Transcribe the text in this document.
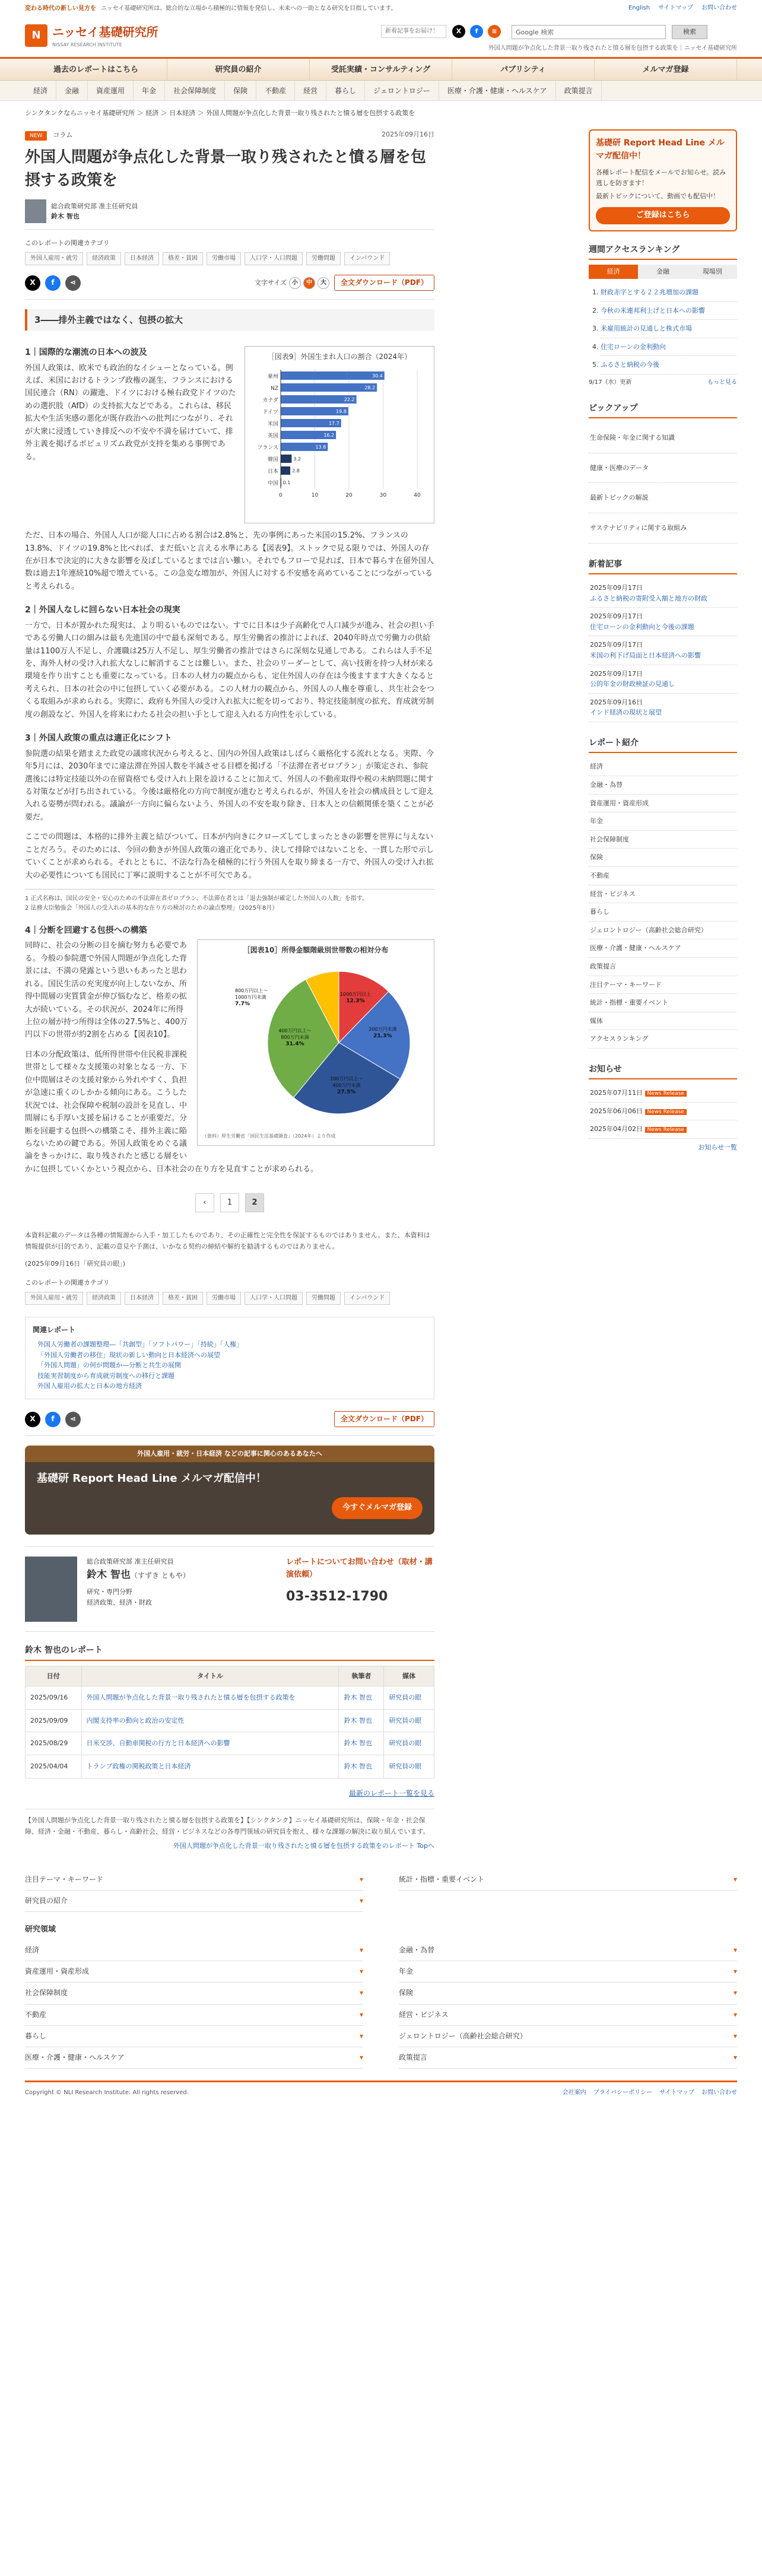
変わる時代の新しい見方を ニッセイ基礎研究所は、総合的な立場から積極的に情報を発信し、未来への一助となる研究を目指しています。	English サイトマップ お問い合わせ
N ニッセイ基礎研究所
NISSAY RESEARCH INSTITUTE
新着記事をお届け！	X	f	≋	Google 検索	検索
外国人問題が争点化した背景一取り残されたと憤る層を包摂する政策を｜ニッセイ基礎研究所
過去のレポートはこちら	研究員の紹介	受託実績・コンサルティング	パブリシティ	メルマガ登録
経済	金融	資産運用	年金	社会保障制度	保険	不動産	経営	暮らし	ジェロントロジー	医療・介護・健康・ヘルスケア	政策提言
シンクタンクならニッセイ基礎研究所 ＞ 経済 ＞ 日本経済 ＞ 外国人問題が争点化した背景一取り残されたと憤る層を包摂する政策を
NEW コラム	2025年09月16日
外国人問題が争点化した背景一取り残されたと憤る層を包摂する政策を
総合政策研究部 准主任研究員
鈴木 智也
このレポートの関連カテゴリ
外国人雇用・就労	経済政策	日本経済	格差・貧困	労働市場	人口学・人口問題	労働問題	インバウンド
X	f	⋖	文字サイズ 小	中	大	全文ダウンロード（PDF）
3――排外主義ではなく、包摂の拡大
［図表9］外国生まれ人口の割合（2024年）
0	10	20	30	40
豪州	30.4
NZ	28.2
カナダ	22.2
ドイツ	19.8
米国	17.7
英国	16.2
フランス	13.8
韓国	3.2
日本	2.8
中国 0.1
1｜国際的な潮流の日本への波及

外国人政策は、欧米でも政治的なイシューとなっている。例えば、米国におけるトランプ政権の誕生、フランスにおける国民連合（RN）の躍進、ドイツにおける極右政党ドイツのための選択肢（AfD）の支持拡大などである。これらは、移民拡大や生活実感の悪化が既存政治への批判につながり、それが大衆に浸透していき排反への不安や不満を届けていて、排外主義を掲げるポピュリズム政党が支持を集める事例である。

ただ、日本の場合、外国人人口が総人口に占める割合は2.8%と、先の事例にあった米国の15.2%、フランスの13.8%、ドイツの19.8%と比べれば、まだ低いと言える水準にある【図表9】。ストックで見る限りでは、外国人の存在が日本で決定的に大きな影響を及ぼしているとまでは言い難い。それでもフローで見れば、日本で暮らす在留外国人数は過去1年連続10%超で増えている。この急変な増加が、外国人に対する不安感を高めていることにつながっていると考えられる。

2｜外国人なしに回らない日本社会の現実

一方で、日本が置かれた現実は、より明るいものではない。すでに日本は少子高齢化で人口減少が進み、社会の担い手である労働人口の細みは最も先進国の中で最も深刻である。厚生労働省の推計によれば、2040年時点で労働力の供給量は1100万人不足し、介護職は25万人不足し、厚生労働省の推計ではさらに深刻な見通しである。これらは人手不足を、海外人材の受け入れ拡大なしに解消することは難しい。また、社会のリーダーとして、高い技術を持つ人材が来る環境を作り出すことも重要になっている。日本の人材力の観点からも、定住外国人の存在は今後ますます大きくなると考えられ、日本の社会の中に包摂していく必要がある。この人材力の観点から、外国人の人権を尊重し、共生社会をつくる取組みが求められる。実際に、政府も外国人の受け入れ拡大に舵を切っており、特定技能制度の拡充、育成就労制度の創設など、外国人を将来にわたる社会の担い手として迎え入れる方向性を示している。

3｜外国人政策の重点は適正化にシフト

参院選の結果を踏まえた政党の議席状況から考えると、国内の外国人政策はしばらく厳格化する流れとなる。実際、今年5月には、2030年までに違法滞在外国人数を半減させる目標を掲げる「不法滞在者ゼロプラン」が策定され、参院選後には特定技能以外の在留資格でも受け入れ上限を設けることに加えて、外国人の不動産取得や税の未納問題に関する対策などが打ち出されている。今後は厳格化の方向で制度が進むと考えられるが、外国人を社会の構成員として迎え入れる姿勢が問われる。議論が一方向に偏らないよう、外国人の不安を取り除き、日本人との信頼関係を築くことが必要だ。

ここでの問題は、本格的に排外主義と結びついて、日本が内向きにクローズしてしまったときの影響を世界に与えないことだろう。そのためには、今回の動きが外国人政策の適正化であり、決して排除ではないことを、一貫した形で示していくことが求められる。それとともに、不法な行為を積極的に行う外国人を取り締まる一方で、外国人の受け入れ拡大の必要性についても国民に丁寧に説明することが不可欠である。

1 正式名称は、国民の安全・安心のための不法滞在者ゼロプラン。不法滞在者とは「退去強制が確定した外国人の人数」を指す。
2 法務大臣勉強会「外国人の受入れの基本的な在り方の検討のための論点整理」（2025年8月）
4｜分断を回避する包摂への構築
［図表10］所得金額階級別世帯数の相対分布
1000万円以上
12.3%
200万円未満
21.3%
200万円以上～
400万円未満
27.5%
400万円以上～
800万円未満
31.4%
800万円以上～
1000万円未満
7.7%
（資料）厚生労働省「国民生活基礎調査」（2024年）より作成

同時に、社会の分断の目を摘む努力も必要である。今般の参院選で外国人問題が争点化した背景には、不満の発露という思いもあったと思われる。国民生活の充実度が向上しないなか、所得中間層の実質賃金が伸び悩むなど、格差の拡大が続いている。その状況が、2024年に所得上位の層が持つ所得は全体の27.5%と、400万円以下の世帯が約2割を占める【図表10】。

日本の分配政策は、低所得世帯や住民税非課税世帯として様々な支援策の対象となる一方、下位中間層はその支援対象から外れやすく、負担が急速に重くのしかかる傾向にある。こうした状況では、社会保障や税制の設計を見直し、中間層にも手厚い支援を届けることが重要だ。分断を回避する包摂への構築こそ、排外主義に陥らないための鍵である。外国人政策をめぐる議論をきっかけに、取り残されたと感じる層をいかに包摂していくかという視点から、日本社会の在り方を見直すことが求められる。

‹	1	2

本資料記載のデータは各種の情報源から入手・加工したものであり、その正確性と完全性を保証するものではありません。また、本資料は情報提供が目的であり、記載の意見や予測は、いかなる契約の締結や解約を勧誘するものではありません。

(2025年09月16日「研究員の眼」)

このレポートの関連カテゴリ
外国人雇用・就労	経済政策	日本経済	格差・貧困	労働市場	人口学・人口問題	労働問題	インバウンド
関連レポート
外国人労働者の課題整理―「共創型」「ソフトパワー」「持続」「人権」
「外国人労働者の移住」現状の新しい動向と日本経済への展望
「外国人問題」の何が問題か―分断と共生の展開
技能実習制度から育成就労制度への移行と課題
外国人雇用の拡大と日本の地方経済
X	f	⋖	全文ダウンロード（PDF）
外国人雇用・就労・日本経済 などの記事に関心のあるあなたへ
基礎研 Report Head Line メルマガ配信中！
今すぐメルマガ登録
総合政策研究部 准主任研究員
鈴木 智也（すずき ともや）
研究・専門分野
経済政策、経済・財政
レポートについてお問い合わせ（取材・講演依頼）
03-3512-1790
鈴木 智也のレポート
日付	タイトル	執筆者	媒体
2025/09/16	外国人問題が争点化した背景一取り残されたと憤る層を包摂する政策を	鈴木 智也	研究員の眼
2025/09/09	内閣支持率の動向と政治の安定性	鈴木 智也	研究員の眼
2025/08/29	日米交渉、自動車関税の行方と日本経済への影響	鈴木 智也	研究員の眼
2025/04/04	トランプ政権の関税政策と日本経済	鈴木 智也	研究員の眼
最新のレポート一覧を見る

【外国人問題が争点化した背景一取り残されたと憤る層を包摂する政策を】【シンクタンク】ニッセイ基礎研究所は、保険・年金・社会保障、経済・金融・不動産、暮らし・高齢社会、経営・ビジネスなどの各専門領域の研究員を抱え、様々な課題の解決に取り組んでいます。

外国人問題が争点化した背景一取り残されたと憤る層を包摂する政策をのレポート Topへ
基礎研 Report Head Line メルマガ配信中！
各種レポート配信をメールでお知らせ。読み逃しを防ぎます！
最新トピックについて、動画でも配信中！
ご登録はこちら
週間アクセスランキング
経済	金融	現場別
1. 財政赤字とする２２兆増加の課題
2. 今秋の米連邦利上げと日本への影響
3. 米雇用統計の見通しと株式市場
4. 住宅ローンの金利動向
5. ふるさと納税の今後
9/17（水）更新	もっと見る
ピックアップ
生命保険・年金に関する知識
健康・医療のデータ
最新トピックの解説
サステナビリティに関する取組み
新着記事
2025年09月17日
ふるさと納税の寄附受入額と地方の財政
2025年09月17日
住宅ローンの金利動向と今後の課題
2025年09月17日
米国の利下げ局面と日本経済への影響
2025年09月17日
公的年金の財政検証の見通し
2025年09月16日
インド経済の現状と展望
レポート紹介
経済
金融・為替
資産運用・資産形成
年金
社会保障制度
保険
不動産
経営・ビジネス
暮らし
ジェロントロジー（高齢社会総合研究）
医療・介護・健康・ヘルスケア
政策提言
注目テーマ・キーワード
統計・指標・重要イベント
媒体
アクセスランキング
お知らせ
2025年07月11日 News Release
2025年06月06日 News Release
2025年04月02日 News Release
お知らせ一覧
注目テーマ・キーワード	▾	統計・指標・重要イベント	▾
研究員の紹介	▾
研究領域
経済	▾	金融・為替	▾
資産運用・資産形成	▾	年金	▾
社会保障制度	▾	保険	▾
不動産	▾	経営・ビジネス	▾
暮らし	▾	ジェロントロジー（高齢社会総合研究）	▾
医療・介護・健康・ヘルスケア	▾	政策提言	▾
Copyright © NLI Research Institute. All rights reserved.	会社案内 プライバシーポリシー サイトマップ お問い合わせ
